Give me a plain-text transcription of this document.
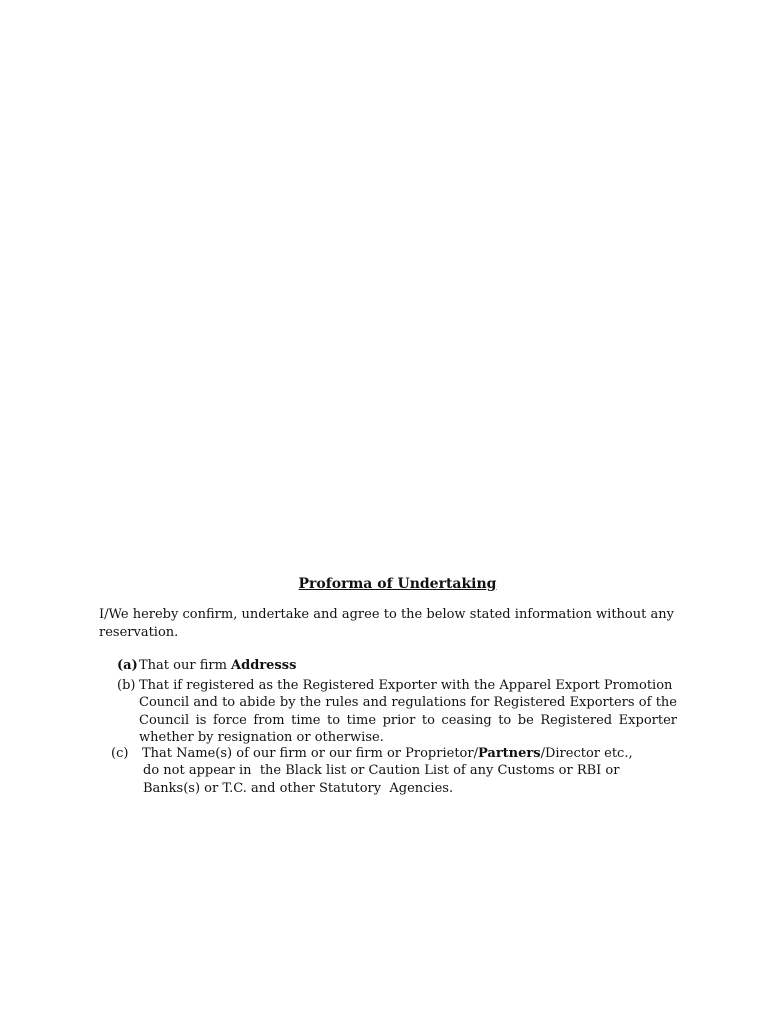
Proforma of Undertaking
I/We hereby confirm, undertake and agree to the below stated information without any reservation.
(a) That our firm Addresss
(b) That if registered as the Registered Exporter with the Apparel Export Promotion
Council and to abide by the rules and regulations for Registered Exporters of the Council is force from time to time prior to ceasing to be Registered Exporter whether by resignation or otherwise.
(c) That Name(s) of our firm or our firm or Proprietor/Partners/Director etc.,
do not appear in  the Black list or Caution List of any Customs or RBI or
Banks(s) or T.C. and other Statutory  Agencies.
